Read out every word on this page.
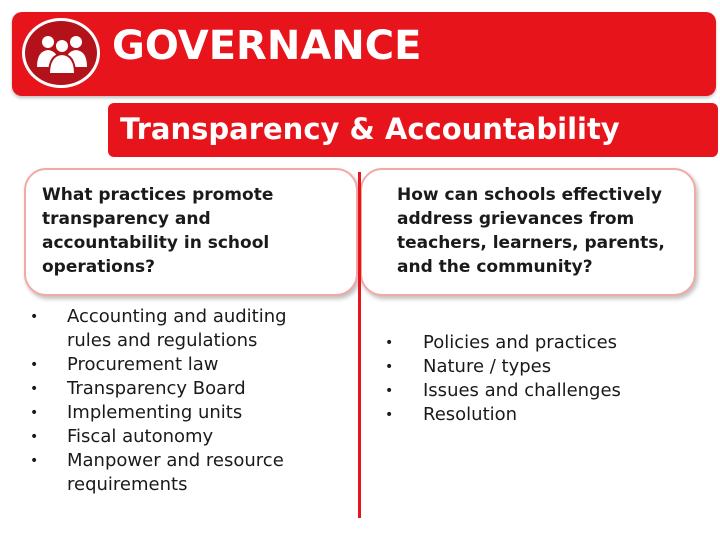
GOVERNANCE
Transparency & Accountability
What practices promote transparency and accountability in school operations?
How can schools effectively address grievances from teachers, learners, parents, and the community?
• Accounting and auditing rules and regulations
• Procurement law
• Transparency Board
• Implementing units
• Fiscal autonomy
• Manpower and resource requirements
• Policies and practices
• Nature / types
• Issues and challenges
• Resolution
